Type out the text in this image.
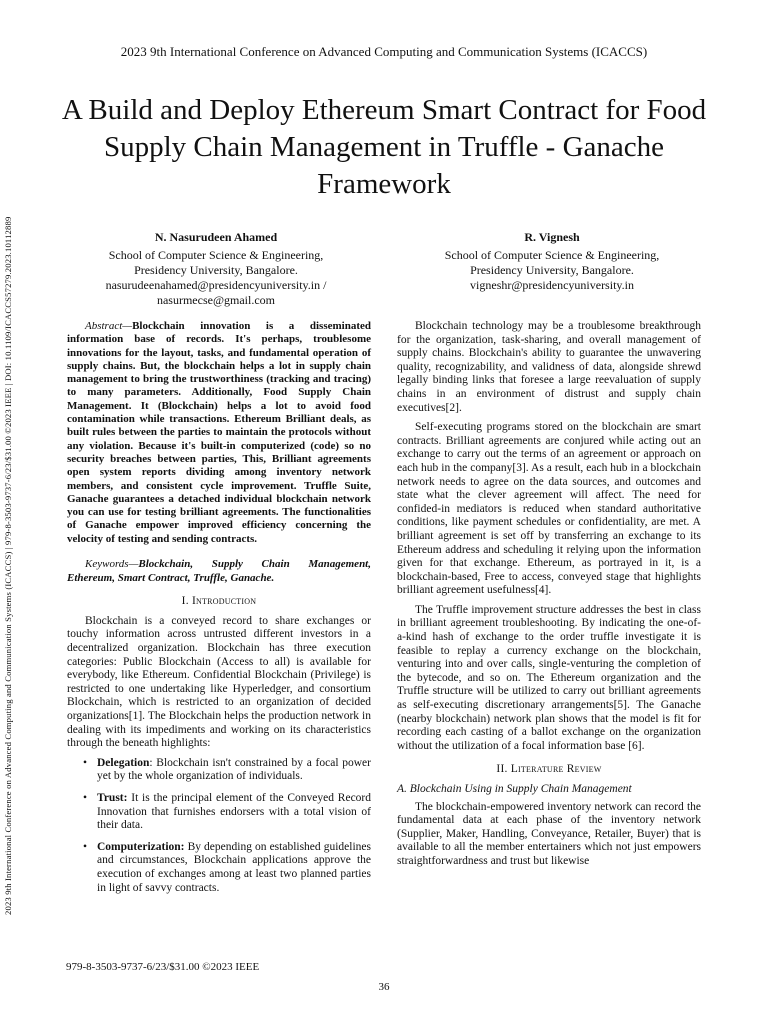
2023 9th International Conference on Advanced Computing and Communication Systems (ICACCS)
2023 9th International Conference on Advanced Computing and Communication Systems (ICACCS) | 979-8-3503-9737-6/23/$31.00 ©2023 IEEE | DOI: 10.1109/ICACCS57279.2023.10112889
A Build and Deploy Ethereum Smart Contract for Food Supply Chain Management in Truffle - Ganache Framework
N. Nasurudeen Ahamed
School of Computer Science & Engineering,
Presidency University, Bangalore.
nasurudeenahamed@presidencyuniversity.in /
nasurmecse@gmail.com
R. Vignesh
School of Computer Science & Engineering,
Presidency University, Bangalore.
vigneshr@presidencyuniversity.in

Abstract—Blockchain innovation is a disseminated information base of records. It's perhaps, troublesome innovations for the layout, tasks, and fundamental operation of supply chains. But, the blockchain helps a lot in supply chain management to bring the trustworthiness (tracking and tracing) to many parameters. Additionally, Food Supply Chain Management. It (Blockchain) helps a lot to avoid food contamination while transactions. Ethereum Brilliant deals, as built rules between the parties to maintain the protocols without any violation. Because it's built-in computerized (code) so no security breaches between parties, This, Brilliant agreements open system reports dividing among inventory network members, and consistent cycle improvement. Truffle Suite, Ganache guarantees a detached individual blockchain network you can use for testing brilliant agreements. The functionalities of Ganache empower improved efficiency concerning the velocity of testing and sending contracts.

Keywords—Blockchain, Supply Chain Management, Ethereum, Smart Contract, Truffle, Ganache.

I. Introduction

Blockchain is a conveyed record to share exchanges or touchy information across untrusted different investors in a decentralized organization. Blockchain has three execution categories: Public Blockchain (Access to all) is available for everybody, like Ethereum. Confidential Blockchain (Privilege) is restricted to one undertaking like Hyperledger, and consortium Blockchain, which is restricted to an organization of decided organizations[1]. The Blockchain helps the production network in dealing with its impediments and working on its characteristics through the beneath highlights:

• Delegation: Blockchain isn't constrained by a focal power yet by the whole organization of individuals.
• Trust: It is the principal element of the Conveyed Record Innovation that furnishes endorsers with a total vision of their data.
• Computerization: By depending on established guidelines and circumstances, Blockchain applications approve the execution of exchanges among at least two planned parties in light of savvy contracts.

Blockchain technology may be a troublesome breakthrough for the organization, task-sharing, and overall management of supply chains. Blockchain's ability to guarantee the unwavering quality, recognizability, and validness of data, alongside shrewd legally binding links that foresee a large reevaluation of supply chains in an environment of distrust and supply chain executives[2].

Self-executing programs stored on the blockchain are smart contracts. Brilliant agreements are conjured while acting out an exchange to carry out the terms of an agreement or approach on each hub in the company[3]. As a result, each hub in a blockchain network needs to agree on the data sources, and outcomes and state what the clever agreement will affect. The need for confided-in mediators is reduced when standard authoritative conditions, like payment schedules or confidentiality, are met. A brilliant agreement is set off by transferring an exchange to its Ethereum address and scheduling it relying upon the information given for that exchange. Ethereum, as portrayed in it, is a blockchain-based, Free to access, conveyed stage that highlights brilliant agreement usefulness[4].

The Truffle improvement structure addresses the best in class in brilliant agreement troubleshooting. By indicating the one-of-a-kind hash of exchange to the order truffle investigate it is feasible to replay a currency exchange on the blockchain, venturing into and over calls, single-venturing the completion of the bytecode, and so on. The Ethereum organization and the Truffle structure will be utilized to carry out brilliant agreements as self-executing discretionary arrangements[5]. The Ganache (nearby blockchain) network plan shows that the model is fit for recording each casting of a ballot exchange on the organization without the utilization of a focal information base [6].

II. Literature Review
A. Blockchain Using in Supply Chain Management

The blockchain-empowered inventory network can record the fundamental data at each phase of the inventory network (Supplier, Maker, Handling, Conveyance, Retailer, Buyer) that is available to all the member entertainers which not just empowers straightforwardness and trust but likewise

979-8-3503-9737-6/23/$31.00 ©2023 IEEE
36
